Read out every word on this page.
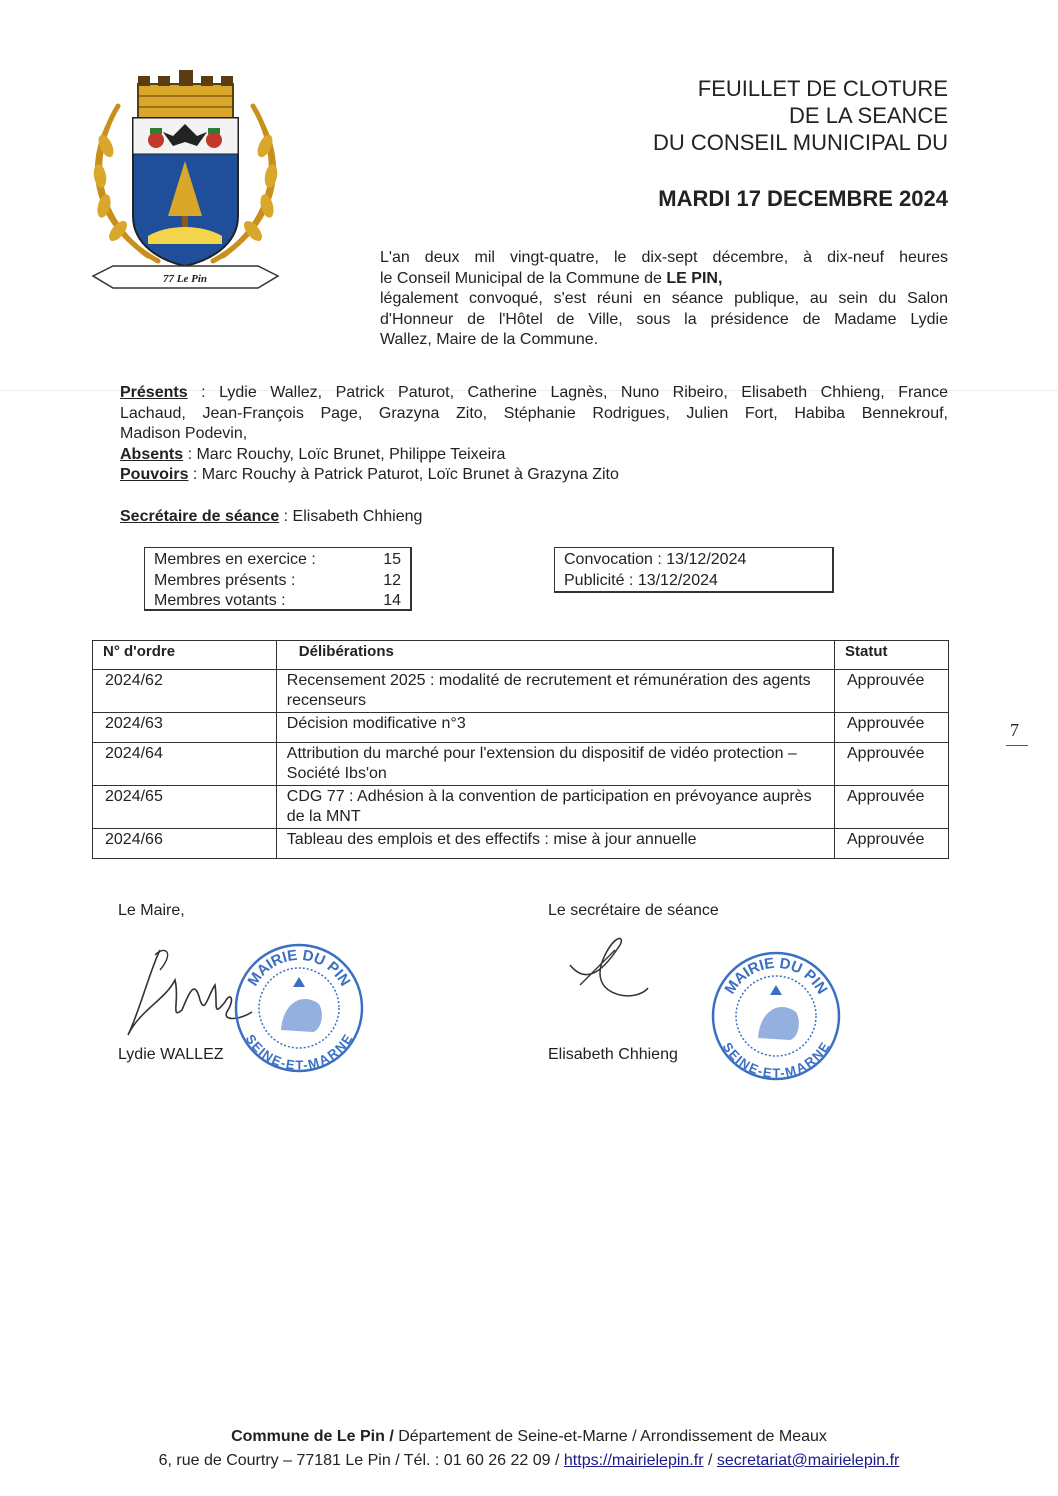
77 Le Pin
FEUILLET DE CLOTURE
DE LA SEANCE
DU CONSEIL MUNICIPAL DU
MARDI 17 DECEMBRE 2024
L'an deux mil vingt-quatre, le dix-sept décembre, à dix-neuf heures
le Conseil Municipal de la Commune de LE PIN,
légalement convoqué, s'est réuni en séance publique, au sein du Salon
d'Honneur de l'Hôtel de Ville, sous la présidence de Madame Lydie
Wallez, Maire de la Commune.
Présents : Lydie Wallez, Patrick Paturot, Catherine Lagnès, Nuno Ribeiro, Elisabeth Chhieng, France
Lachaud, Jean-François Page, Grazyna Zito, Stéphanie Rodrigues, Julien Fort, Habiba Bennekrouf,
Madison Podevin,
Absents : Marc Rouchy, Loïc Brunet, Philippe Teixeira
Pouvoirs : Marc Rouchy à Patrick Paturot, Loïc Brunet à Grazyna Zito
Secrétaire de séance : Elisabeth Chhieng
Membres en exercice :	15
Membres présents :	12
Membres votants :	14
Convocation : 13/12/2024
Publicité : 13/12/2024
N° d'ordre	Délibérations	Statut
2024/62	Recensement 2025 : modalité de recrutement et rémunération des agents recenseurs	Approuvée
2024/63	Décision modificative n°3	Approuvée
2024/64	Attribution du marché pour l'extension du dispositif de vidéo protection – Société Ibs'on	Approuvée
2024/65	CDG 77 : Adhésion à la convention de participation en prévoyance auprès de la MNT	Approuvée
2024/66	Tableau des emplois et des effectifs : mise à jour annuelle	Approuvée
7
Le Maire,	Le secrétaire de séance
MAIRIE DU PIN
SEINE-ET-MARNE
MAIRIE DU PIN
SEINE-ET-MARNE
Lydie WALLEZ	Elisabeth Chhieng
Commune de Le Pin / Département de Seine-et-Marne / Arrondissement de Meaux
6, rue de Courtry – 77181 Le Pin / Tél. : 01 60 26 22 09 / https://mairielepin.fr / secretariat@mairielepin.fr
